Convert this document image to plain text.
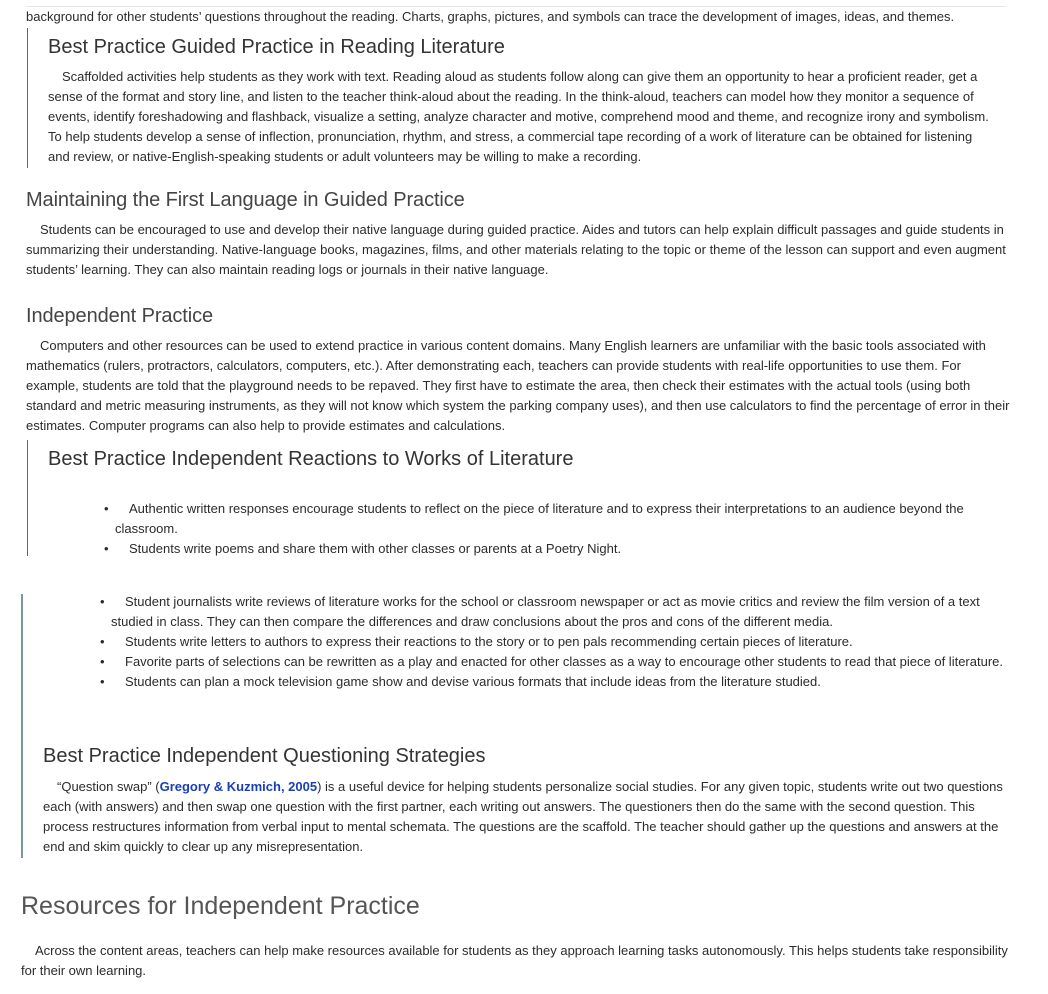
background for other students’ questions throughout the reading. Charts, graphs, pictures, and symbols can trace the development of images, ideas, and themes.

Best Practice Guided Practice in Reading Literature

Scaffolded activities help students as they work with text. Reading aloud as students follow along can give them an opportunity to hear a proficient reader, get a sense of the format and story line, and listen to the teacher think-aloud about the reading. In the think-aloud, teachers can model how they monitor a sequence of events, identify foreshadowing and flashback, visualize a setting, analyze character and motive, comprehend mood and theme, and recognize irony and symbolism. To help students develop a sense of inflection, pronunciation, rhythm, and stress, a commercial tape recording of a work of literature can be obtained for listening and review, or native-English-speaking students or adult volunteers may be willing to make a recording.

Maintaining the First Language in Guided Practice

Students can be encouraged to use and develop their native language during guided practice. Aides and tutors can help explain difficult passages and guide students in summarizing their understanding. Native-language books, magazines, films, and other materials relating to the topic or theme of the lesson can support and even augment students’ learning. They can also maintain reading logs or journals in their native language.

Independent Practice

Computers and other resources can be used to extend practice in various content domains. Many English learners are unfamiliar with the basic tools associated with mathematics (rulers, protractors, calculators, computers, etc.). After demonstrating each, teachers can provide students with real-life opportunities to use them. For example, students are told that the playground needs to be repaved. They first have to estimate the area, then check their estimates with the actual tools (using both standard and metric measuring instruments, as they will not know which system the parking company uses), and then use calculators to find the percentage of error in their estimates. Computer programs can also help to provide estimates and calculations.

Best Practice Independent Reactions to Works of Literature
• Authentic written responses encourage students to reflect on the piece of literature and to express their interpretations to an audience beyond the classroom.
• Students write poems and share them with other classes or parents at a Poetry Night.
• Student journalists write reviews of literature works for the school or classroom newspaper or act as movie critics and review the film version of a text studied in class. They can then compare the differences and draw conclusions about the pros and cons of the different media.
• Students write letters to authors to express their reactions to the story or to pen pals recommending certain pieces of literature.
• Favorite parts of selections can be rewritten as a play and enacted for other classes as a way to encourage other students to read that piece of literature.
• Students can plan a mock television game show and devise various formats that include ideas from the literature studied.
Best Practice Independent Questioning Strategies

“Question swap” (Gregory & Kuzmich, 2005) is a useful device for helping students personalize social studies. For any given topic, students write out two questions each (with answers) and then swap one question with the first partner, each writing out answers. The questioners then do the same with the second question. This process restructures information from verbal input to mental schemata. The questions are the scaffold. The teacher should gather up the questions and answers at the end and skim quickly to clear up any misrepresentation.

Resources for Independent Practice

Across the content areas, teachers can help make resources available for students as they approach learning tasks autonomously. This helps students take responsibility for their own learning.
